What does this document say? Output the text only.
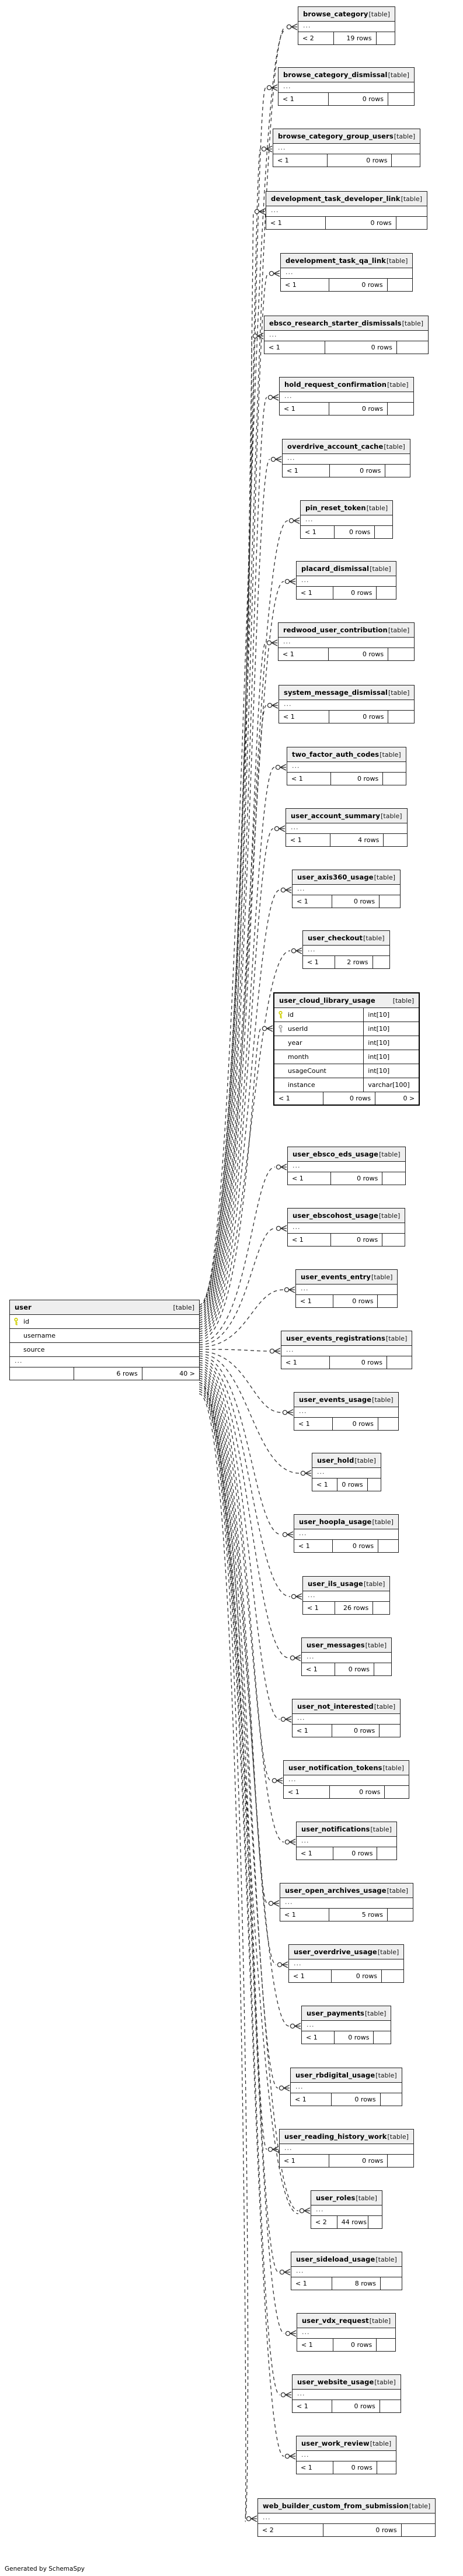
user	[table]
id
username
source
...
6 rows	40 >
browse_category [table]
...
< 2	19 rows
browse_category_dismissal [table]
...
< 1	0 rows
browse_category_group_users [table]
...
< 1	0 rows
development_task_developer_link [table]
...
< 1	0 rows
development_task_qa_link [table]
...
< 1	0 rows
ebsco_research_starter_dismissals [table]
...
< 1	0 rows
hold_request_confirmation [table]
...
< 1	0 rows
overdrive_account_cache [table]
...
< 1	0 rows
pin_reset_token [table]
...
< 1	0 rows
placard_dismissal [table]
...
< 1	0 rows
redwood_user_contribution [table]
...
< 1	0 rows
system_message_dismissal [table]
...
< 1	0 rows
two_factor_auth_codes [table]
...
< 1	0 rows
user_account_summary [table]
...
< 1	4 rows
user_axis360_usage [table]
...
< 1	0 rows
user_checkout [table]
...
< 1	2 rows
user_cloud_library_usage	[table]
id	int[10]
userId	int[10]
year	int[10]
month	int[10]
usageCount	int[10]
instance	varchar[100]
< 1	0 rows	0 >
user_ebsco_eds_usage [table]
...
< 1	0 rows
user_ebscohost_usage [table]
...
< 1	0 rows
user_events_entry [table]
...
< 1	0 rows
user_events_registrations [table]
...
< 1	0 rows
user_events_usage [table]
...
< 1	0 rows
user_hold [table]
...
< 1	0 rows
user_hoopla_usage [table]
...
< 1	0 rows
user_ils_usage [table]
...
< 1	26 rows
user_messages [table]
...
< 1	0 rows
user_not_interested [table]
...
< 1	0 rows
user_notification_tokens [table]
...
< 1	0 rows
user_notifications [table]
...
< 1	0 rows
user_open_archives_usage [table]
...
< 1	5 rows
user_overdrive_usage [table]
...
< 1	0 rows
user_payments [table]
...
< 1	0 rows
user_rbdigital_usage [table]
...
< 1	0 rows
user_reading_history_work [table]
...
< 1	0 rows
user_roles [table]
...
< 2	44 rows
user_sideload_usage [table]
...
< 1	8 rows
user_vdx_request [table]
...
< 1	0 rows
user_website_usage [table]
...
< 1	0 rows
user_work_review [table]
...
< 1	0 rows
web_builder_custom_from_submission [table]
...
< 2	0 rows
Generated by SchemaSpy
